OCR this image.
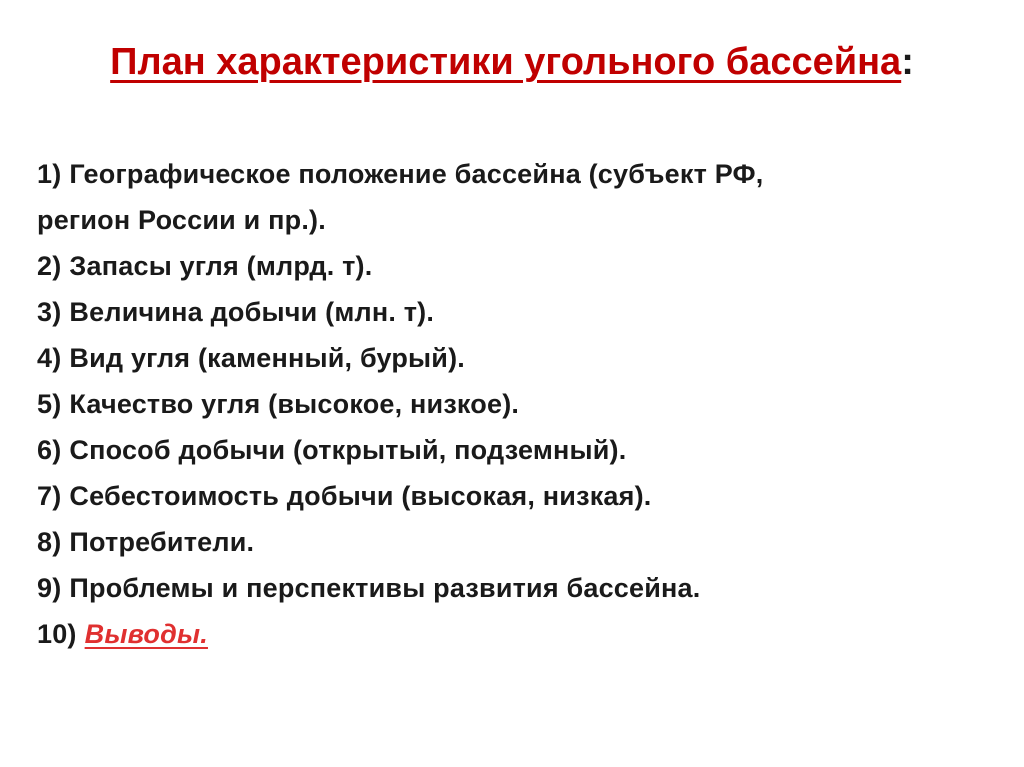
План характеристики угольного бассейна:
1) Географическое положение бассейна (субъект РФ,
регион России и пр.).
2) Запасы угля (млрд. т).
3) Величина добычи (млн. т).
4) Вид угля (каменный, бурый).
5) Качество угля (высокое, низкое).
6) Способ добычи (открытый, подземный).
7) Себестоимость добычи (высокая, низкая).
8) Потребители.
9) Проблемы и перспективы развития бассейна.
10) Выводы.
